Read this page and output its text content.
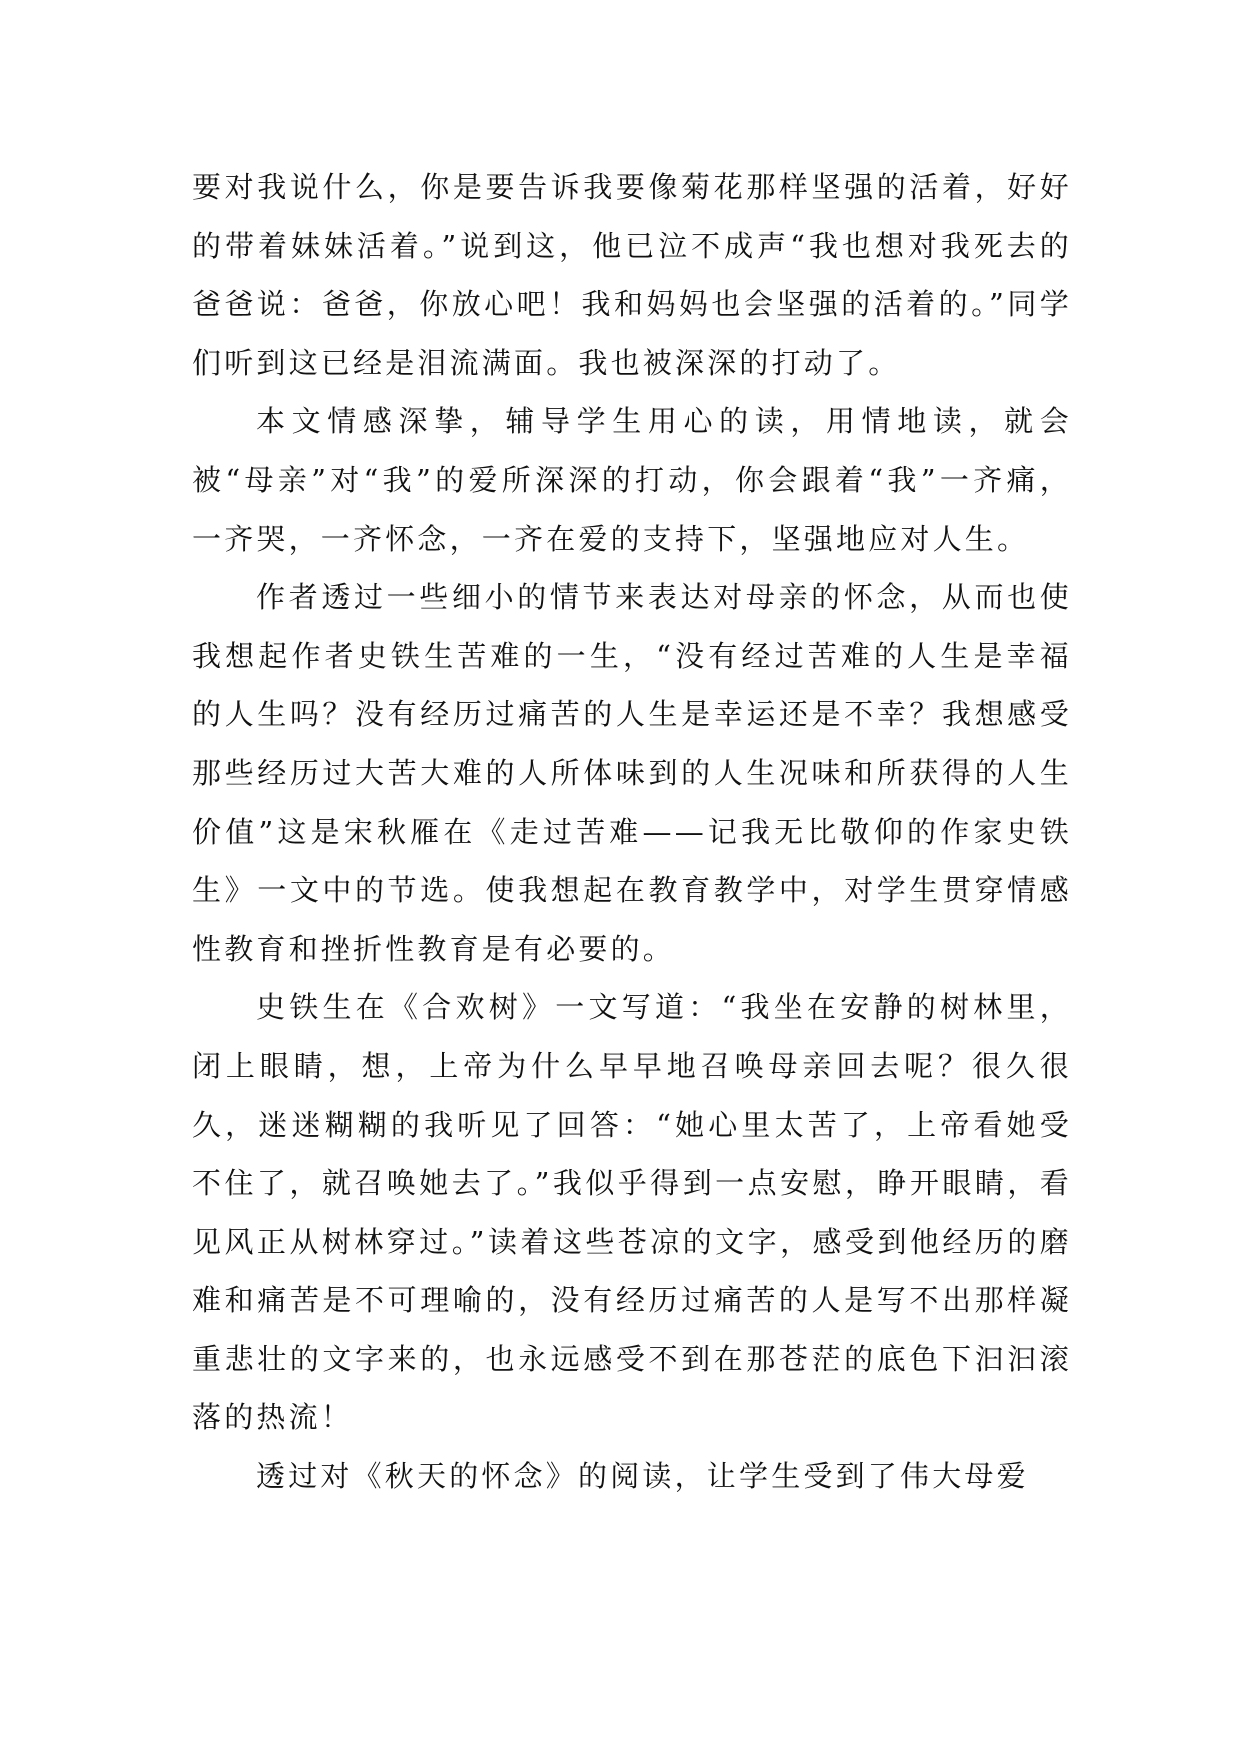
要对我说什么，你是要告诉我要像菊花那样坚强的活着，好好的带着妹妹活着。”说到这，他已泣不成声“我也想对我死去的爸爸说：爸爸，你放心吧！我和妈妈也会坚强的活着的。”同学们听到这已经是泪流满面。我也被深深的打动了。

本文情感深挚，辅导学生用心的读，用情地读，就会被“母亲”对“我”的爱所深深的打动，你会跟着“我”一齐痛，一齐哭，一齐怀念，一齐在爱的支持下，坚强地应对人生。

作者透过一些细小的情节来表达对母亲的怀念，从而也使我想起作者史铁生苦难的一生，“没有经过苦难的人生是幸福的人生吗？没有经历过痛苦的人生是幸运还是不幸？我想感受那些经历过大苦大难的人所体味到的人生况味和所获得的人生价值”这是宋秋雁在《走过苦难——记我无比敬仰的作家史铁生》一文中的节选。使我想起在教育教学中，对学生贯穿情感性教育和挫折性教育是有必要的。

史铁生在《合欢树》一文写道：“我坐在安静的树林里，闭上眼睛，想，上帝为什么早早地召唤母亲回去呢？很久很久，迷迷糊糊的我听见了回答：“她心里太苦了，上帝看她受不住了，就召唤她去了。”我似乎得到一点安慰，睁开眼睛，看见风正从树林穿过。”读着这些苍凉的文字，感受到他经历的磨难和痛苦是不可理喻的，没有经历过痛苦的人是写不出那样凝重悲壮的文字来的，也永远感受不到在那苍茫的底色下汩汩滚落的热流！

透过对《秋天的怀念》的阅读，让学生受到了伟大母爱
